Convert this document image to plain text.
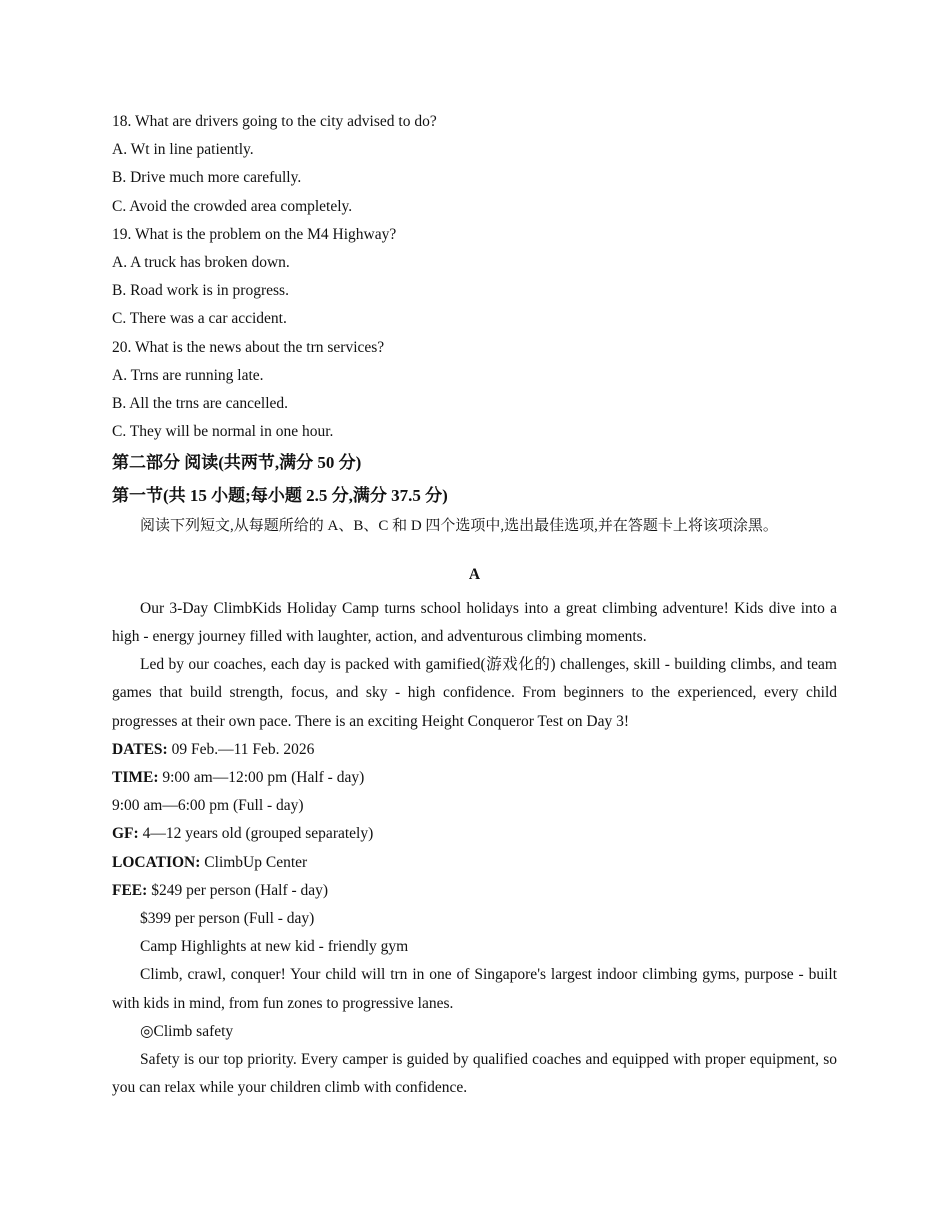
18. What are drivers going to the city advised to do?
A. Wt in line patiently.
B. Drive much more carefully.
C. Avoid the crowded area completely.
19. What is the problem on the M4 Highway?
A. A truck has broken down.
B. Road work is in progress.
C. There was a car accident.
20. What is the news about the trn services?
A. Trns are running late.
B. All the trns are cancelled.
C. They will be normal in one hour.
第二部分 阅读(共两节,满分 50 分)
第一节(共 15 小题;每小题 2.5 分,满分 37.5 分)
阅读下列短文,从每题所给的 A、B、C 和 D 四个选项中,选出最佳选项,并在答题卡上将该项涂黑。
A
Our 3-Day ClimbKids Holiday Camp turns school holidays into a great climbing adventure! Kids dive into a high - energy journey filled with laughter, action, and adventurous climbing moments.
Led by our coaches, each day is packed with gamified(游戏化的) challenges, skill - building climbs, and team games that build strength, focus, and sky - high confidence. From beginners to the experienced, every child progresses at their own pace. There is an exciting Height Conqueror Test on Day 3!
DATES: 09 Feb.—11 Feb. 2026
TIME: 9:00 am—12:00 pm (Half - day)
9:00 am—6:00 pm (Full - day)
GF: 4—12 years old (grouped separately)
LOCATION: ClimbUp Center
FEE: $249 per person (Half - day)
$399 per person (Full - day)
Camp Highlights at new kid - friendly gym
Climb, crawl, conquer! Your child will trn in one of Singapore's largest indoor climbing gyms, purpose - built with kids in mind, from fun zones to progressive lanes.
◎Climb safety
Safety is our top priority. Every camper is guided by qualified coaches and equipped with proper equipment, so you can relax while your children climb with confidence.
